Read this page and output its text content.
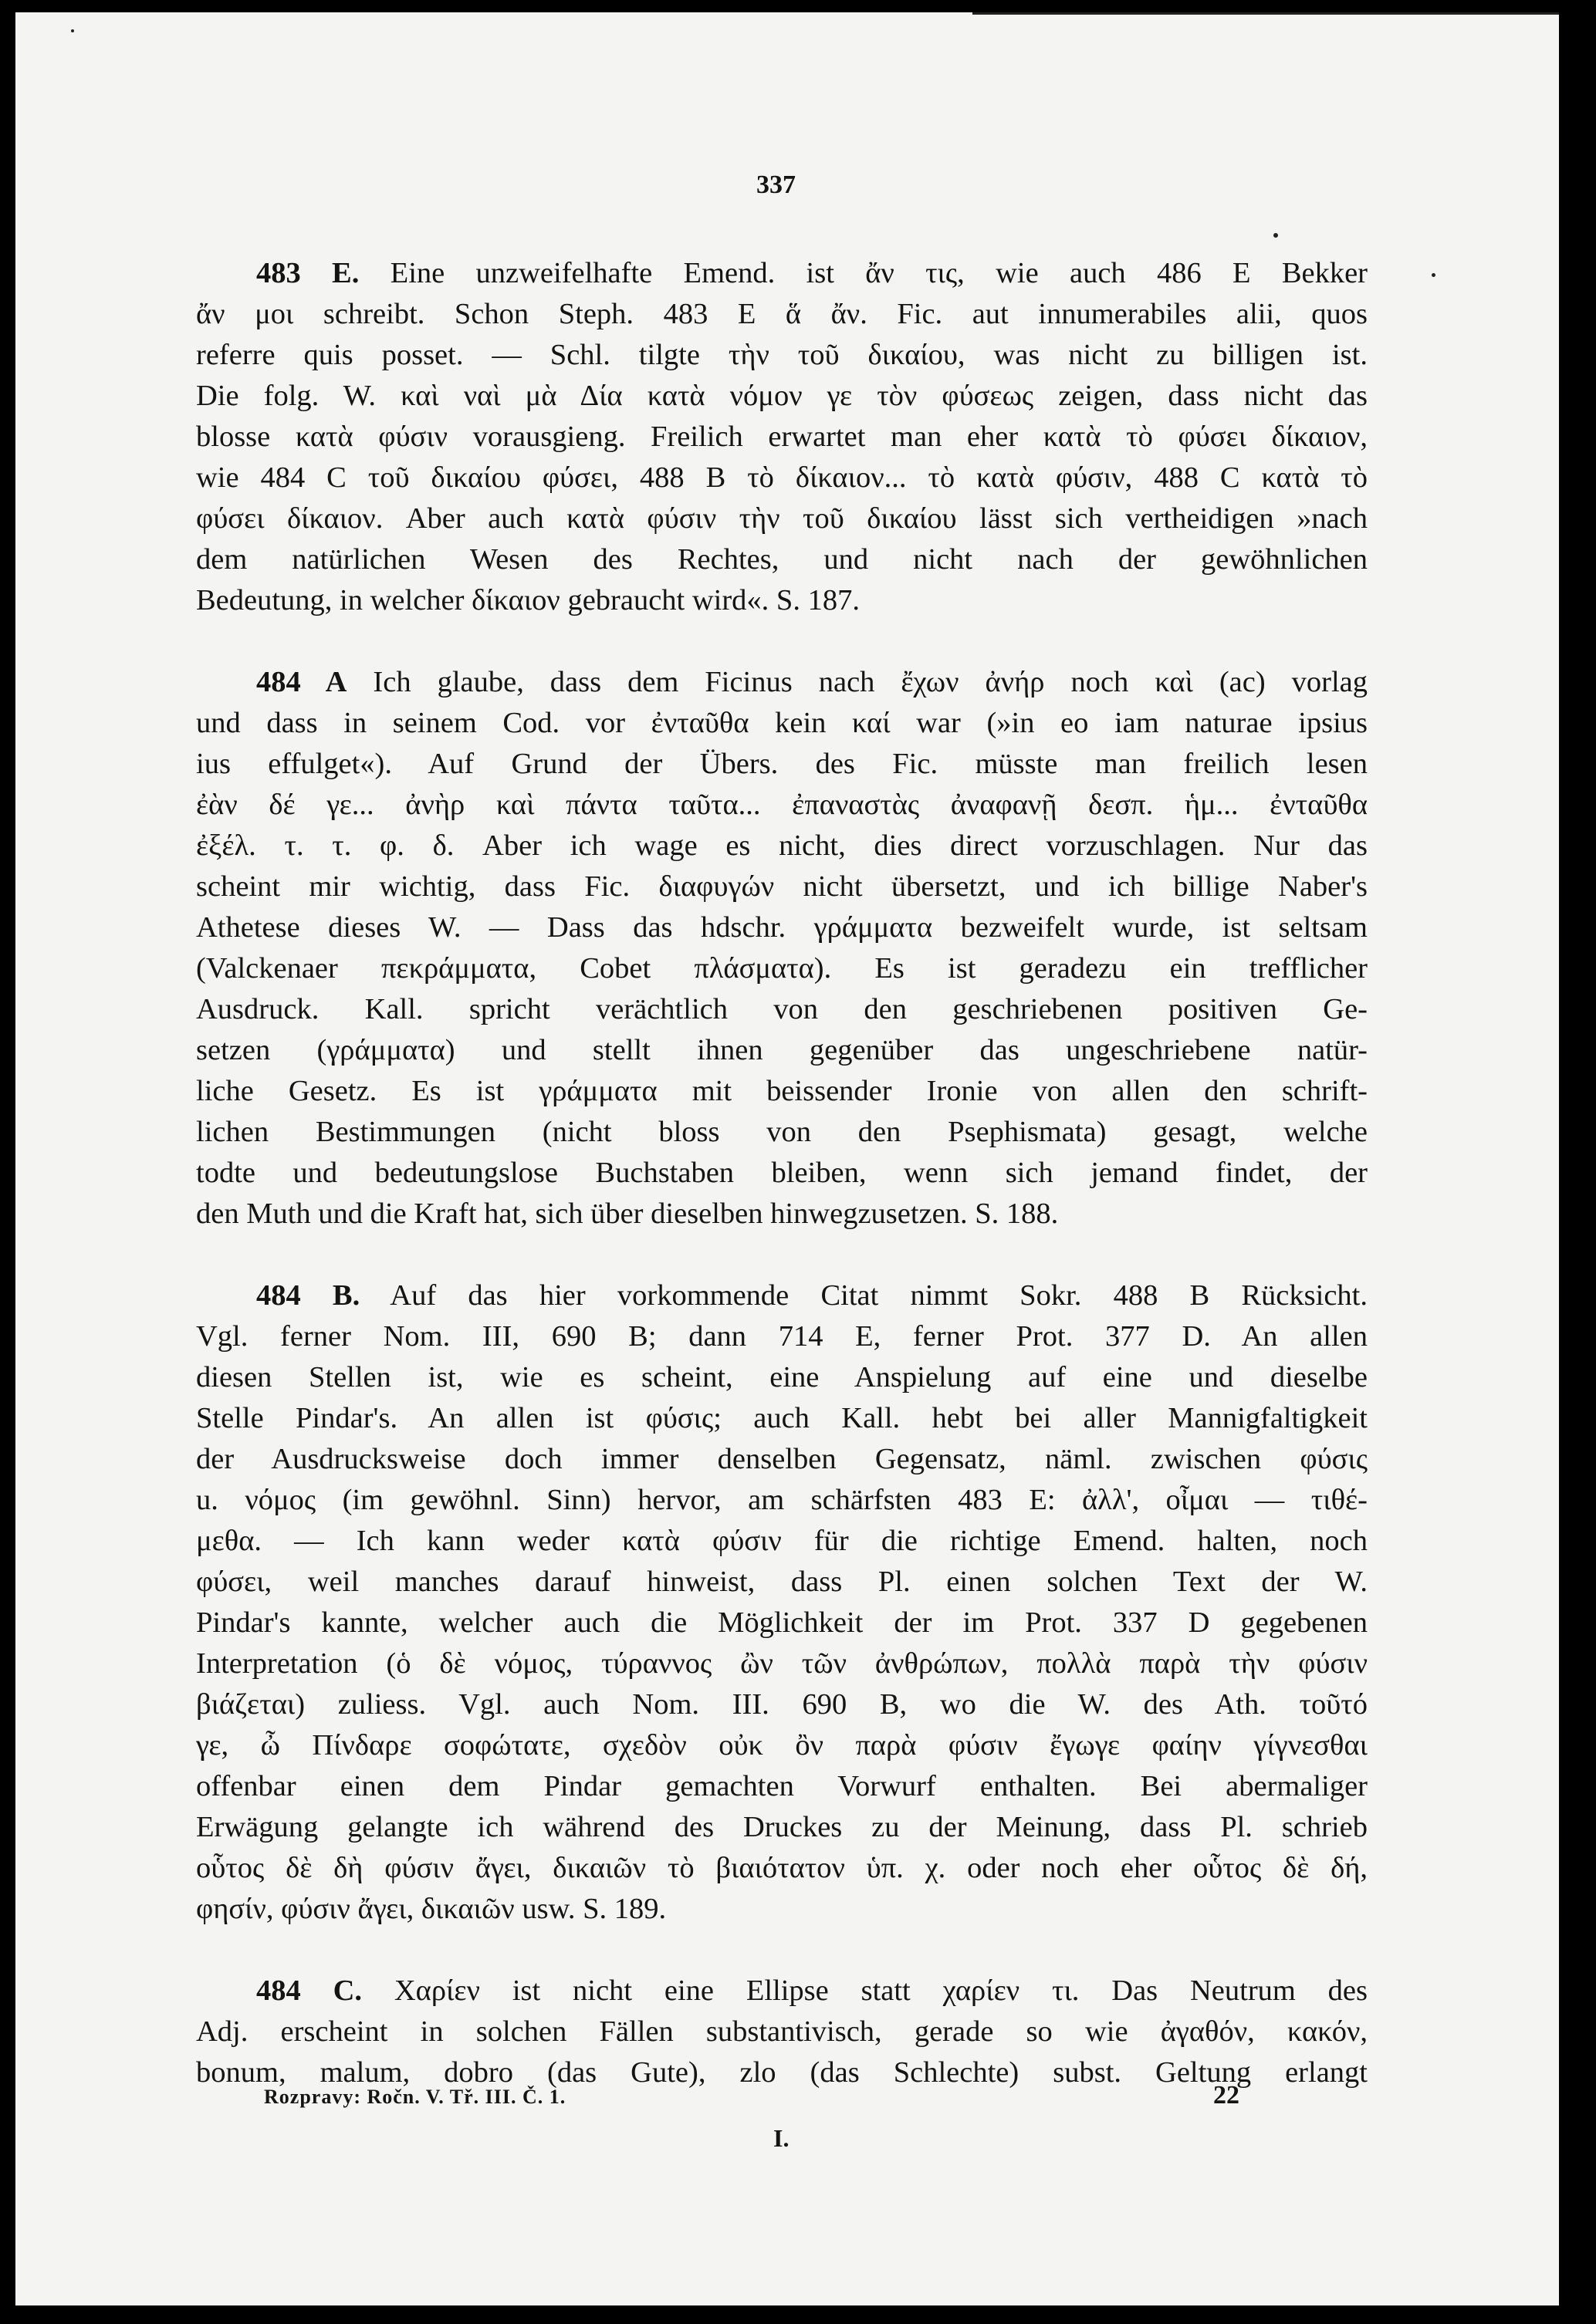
337
483 E. Eine unzweifelhafte Emend. ist ἄν τις, wie auch 486 E Bekker
ἄν μοι schreibt. Schon Steph. 483 E ἅ ἄν. Fic. aut innumerabiles alii, quos
referre quis posset. — Schl. tilgte τὴν τοῦ δικαίου, was nicht zu billigen ist.
Die folg. W. καὶ ναὶ μὰ Δία κατὰ νόμον γε τὸν φύσεως zeigen, dass nicht das
blosse κατὰ φύσιν vorausgieng. Freilich erwartet man eher κατὰ τὸ φύσει δίκαιον,
wie 484 C τοῦ δικαίου φύσει, 488 B τὸ δίκαιον... τὸ κατὰ φύσιν, 488 C κατὰ τὸ
φύσει δίκαιον. Aber auch κατὰ φύσιν τὴν τοῦ δικαίου lässt sich vertheidigen »nach
dem natürlichen Wesen des Rechtes, und nicht nach der gewöhnlichen
Bedeutung, in welcher δίκαιον gebraucht wird«. S. 187.
484 A Ich glaube, dass dem Ficinus nach ἔχων ἀνήρ noch καὶ (ac) vorlag
und dass in seinem Cod. vor ἐνταῦθα kein καί war (»in eo iam naturae ipsius
ius effulget«). Auf Grund der Übers. des Fic. müsste man freilich lesen
ἐὰν δέ γε... ἀνὴρ καὶ πάντα ταῦτα... ἐπαναστὰς ἀναφανῇ δεσπ. ἡμ... ἐνταῦθα
ἐξέλ. τ. τ. φ. δ. Aber ich wage es nicht, dies direct vorzuschlagen. Nur das
scheint mir wichtig, dass Fic. διαφυγών nicht übersetzt, und ich billige Naber's
Athetese dieses W. — Dass das hdschr. γράμματα bezweifelt wurde, ist seltsam
(Valckenaer πεκράμματα, Cobet πλάσματα). Es ist geradezu ein trefflicher
Ausdruck. Kall. spricht verächtlich von den geschriebenen positiven Ge-
setzen (γράμματα) und stellt ihnen gegenüber das ungeschriebene natür-
liche Gesetz. Es ist γράμματα mit beissender Ironie von allen den schrift-
lichen Bestimmungen (nicht bloss von den Psephismata) gesagt, welche
todte und bedeutungslose Buchstaben bleiben, wenn sich jemand findet, der
den Muth und die Kraft hat, sich über dieselben hinwegzusetzen. S. 188.
484 B. Auf das hier vorkommende Citat nimmt Sokr. 488 B Rücksicht.
Vgl. ferner Nom. III, 690 B; dann 714 E, ferner Prot. 377 D. An allen
diesen Stellen ist, wie es scheint, eine Anspielung auf eine und dieselbe
Stelle Pindar's. An allen ist φύσις; auch Kall. hebt bei aller Mannigfaltigkeit
der Ausdrucksweise doch immer denselben Gegensatz, näml. zwischen φύσις
u. νόμος (im gewöhnl. Sinn) hervor, am schärfsten 483 E: ἀλλ', οἶμαι — τιθέ-
μεθα. — Ich kann weder κατὰ φύσιν für die richtige Emend. halten, noch
φύσει, weil manches darauf hinweist, dass Pl. einen solchen Text der W.
Pindar's kannte, welcher auch die Möglichkeit der im Prot. 337 D gegebenen
Interpretation (ὁ δὲ νόμος, τύραννος ὢν τῶν ἀνθρώπων, πολλὰ παρὰ τὴν φύσιν
βιάζεται) zuliess. Vgl. auch Nom. III. 690 B, wo die W. des Ath. τοῦτό
γε, ὦ Πίνδαρε σοφώτατε, σχεδὸν οὐκ ὂν παρὰ φύσιν ἔγωγε φαίην γίγνεσθαι
offenbar einen dem Pindar gemachten Vorwurf enthalten. Bei abermaliger
Erwägung gelangte ich während des Druckes zu der Meinung, dass Pl. schrieb
οὗτος δὲ δὴ φύσιν ἄγει, δικαιῶν τὸ βιαιότατον ὑπ. χ. oder noch eher οὗτος δὲ δή,
φησίν, φύσιν ἄγει, δικαιῶν usw. S. 189.
484 C. Χαρίεν ist nicht eine Ellipse statt χαρίεν τι. Das Neutrum des
Adj. erscheint in solchen Fällen substantivisch, gerade so wie ἀγαθόν, κακόν,
bonum, malum, dobro (das Gute), zlo (das Schlechte) subst. Geltung erlangt
Rozpravy: Ročn. V. Tř. III. Č. 1.	22
I.
